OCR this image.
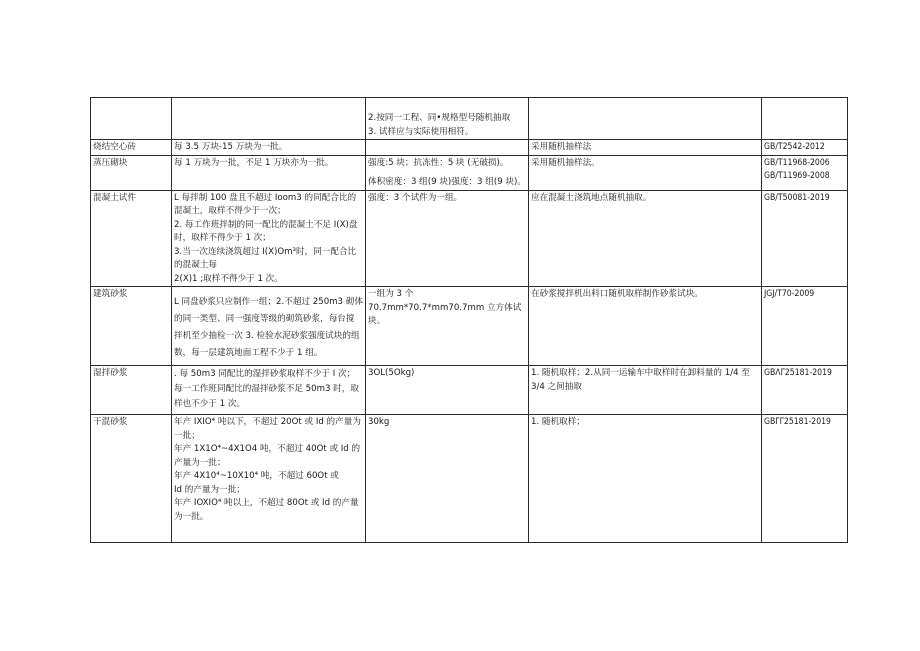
		2.按同一工程、同•规格型号随机抽取
3. 试样应与实际使用相符。		

烧结空心砖	每 3.5 万块-15 万块为一批。		采用随机抽样法	GB/T2542-2012

蒸压砌块	每 1 万块为一批，不足 1 万块亦为一批。	强度:5 块；抗冻性：5 块 (无破损)。
体积密度：3 组(9 块)强度：3 组(9 块)。	采用随机抽样法。	GB/T11968-2006
GB/T11969-2008

混凝土试件	L 每拌制 100 盘且不超过 Ioom3 的同配合比的混凝土，取样不得少于一次；
2. 每工作班拌制的同一配比的混凝土不足 I(X)盘时，取样不得少于 1 次；
3.当一次连续浇筑超过 I(X)Om³时，同一配合比的混凝土每
2(X)1 ;取样不得少于 1 次。	强度：3 个试件为一组。	应在混凝土浇筑地点随机抽取。	GB/T50081-2019

建筑砂浆	L 同盘砂浆只应制作一组；2.不超过 250m3 砌体的同一类型、同一强度等级的砌筑砂浆，每台搅拌机至少抽检一次 3. 检验水泥砂浆强度试块的组数，每一层建筑地面工程不少于 1 组。	一组为 3 个
70.7mm*70.7*mm70.7mm 立方体试块。	在砂浆搅拌机出料口随机取样制作砂浆试块。	JGJ/T70-2009

湿拌砂浆	. 每 50m3 同配比的湿拌砂浆取样不少于 I 次；每一工作班同配比的湿拌砂浆不足 50m3 时，取样也不少于 1 次。	3OL(5Okg)	1. 随机取样；2.从同一运输车中取样时在卸料量的 1/4 至 3/4 之间抽取	GBΛΓ25181-2019

干混砂浆	年产 IXIO⁴ 吨以下，不超过 20Ot 或 Id 的产量为一批；
年产 1X1O⁴~4X1O4 吨，不超过 40Ot 或 Id 的产量为一批；
年产 4X10⁴~10X10⁴ 吨，不超过 60Ot 或
Id 的产量为一批；
年产 IOXIO⁴ 吨以上，不超过 80Ot 或 Id 的产量为一批。	30kg	1. 随机取样；	GBΓΓ25181-2019
